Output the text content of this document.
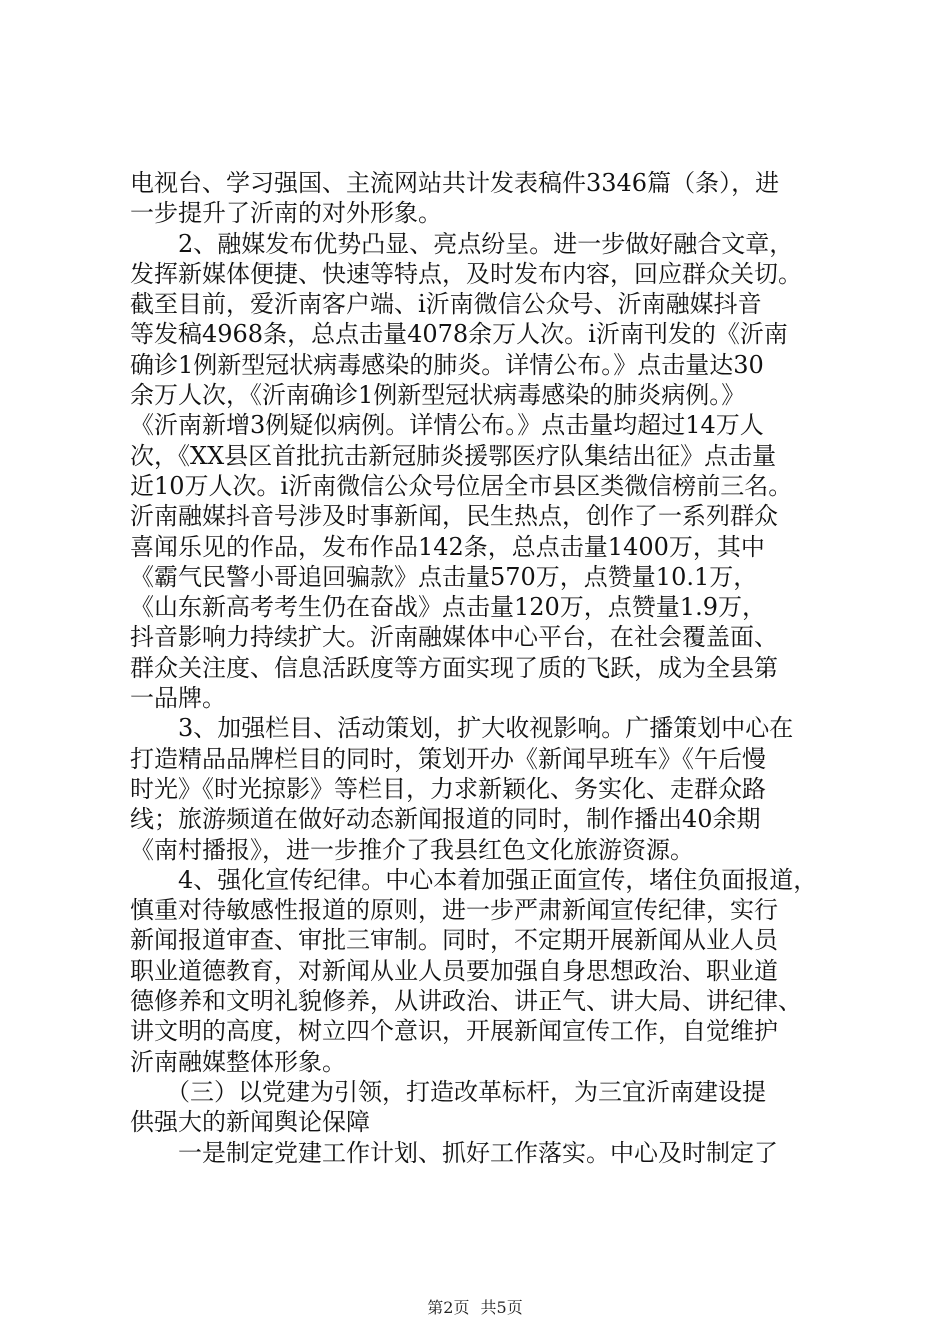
电视台、学习强国、主流网站共计发表稿件3346篇（条），进
一步提升了沂南的对外形象。
　　2、融媒发布优势凸显、亮点纷呈。进一步做好融合文章，
发挥新媒体便捷、快速等特点，及时发布内容，回应群众关切。
截至目前，爱沂南客户端、i沂南微信公众号、沂南融媒抖音
等发稿4968条，总点击量4078余万人次。i沂南刊发的《沂南
确诊1例新型冠状病毒感染的肺炎。详情公布。》点击量达30
余万人次，《沂南确诊1例新型冠状病毒感染的肺炎病例。》
《沂南新增3例疑似病例。详情公布。》点击量均超过14万人
次，《XX县区首批抗击新冠肺炎援鄂医疗队集结出征》点击量
近10万人次。i沂南微信公众号位居全市县区类微信榜前三名。
沂南融媒抖音号涉及时事新闻，民生热点，创作了一系列群众
喜闻乐见的作品，发布作品142条，总点击量1400万，其中
《霸气民警小哥追回骗款》点击量570万，点赞量10.1万，
《山东新高考考生仍在奋战》点击量120万，点赞量1.9万，
抖音影响力持续扩大。沂南融媒体中心平台，在社会覆盖面、
群众关注度、信息活跃度等方面实现了质的飞跃，成为全县第
一品牌。
　　3、加强栏目、活动策划，扩大收视影响。广播策划中心在
打造精品品牌栏目的同时，策划开办《新闻早班车》《午后慢
时光》《时光掠影》等栏目，力求新颖化、务实化、走群众路
线；旅游频道在做好动态新闻报道的同时，制作播出40余期
《南村播报》，进一步推介了我县红色文化旅游资源。
　　4、强化宣传纪律。中心本着加强正面宣传，堵住负面报道，
慎重对待敏感性报道的原则，进一步严肃新闻宣传纪律，实行
新闻报道审查、审批三审制。同时，不定期开展新闻从业人员
职业道德教育，对新闻从业人员要加强自身思想政治、职业道
德修养和文明礼貌修养，从讲政治、讲正气、讲大局、讲纪律、
讲文明的高度，树立四个意识，开展新闻宣传工作，自觉维护
沂南融媒整体形象。
　　（三）以党建为引领，打造改革标杆，为三宜沂南建设提
供强大的新闻舆论保障
　　一是制定党建工作计划、抓好工作落实。中心及时制定了
第2页 共5页
